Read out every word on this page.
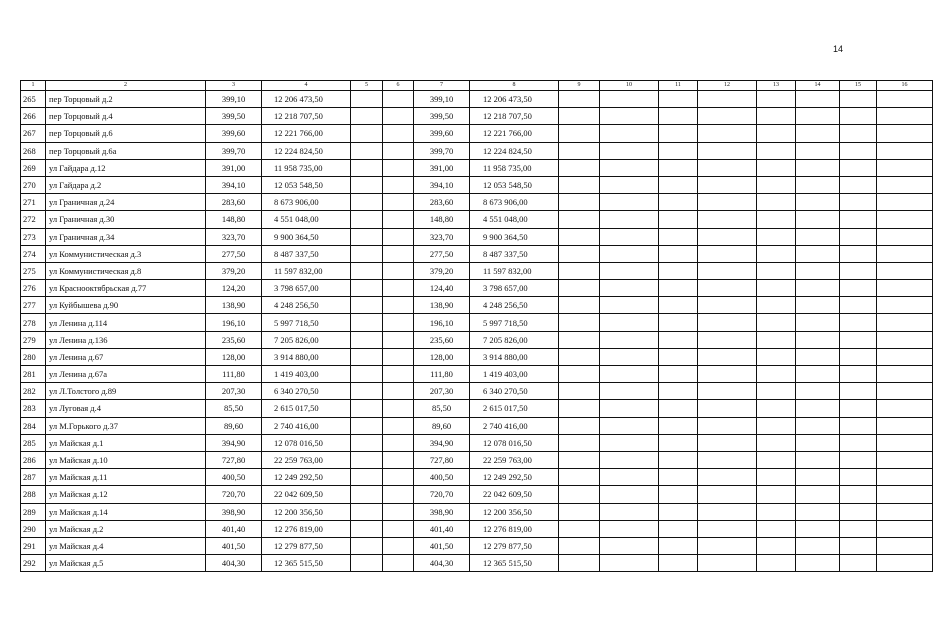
14
1	2	3	4	5	6	7	8	9	10	11	12	13	14	15	16
265	пер Торцовый д.2	399,10	12 206 473,50			399,10	12 206 473,50								
266	пер Торцовый д.4	399,50	12 218 707,50			399,50	12 218 707,50								
267	пер Торцовый д.6	399,60	12 221 766,00			399,60	12 221 766,00								
268	пер Торцовый д.6а	399,70	12 224 824,50			399,70	12 224 824,50								
269	ул Гайдара д.12	391,00	11 958 735,00			391,00	11 958 735,00								
270	ул Гайдара д.2	394,10	12 053 548,50			394,10	12 053 548,50								
271	ул Граничная д.24	283,60	8 673 906,00			283,60	8 673 906,00								
272	ул Граничная д.30	148,80	4 551 048,00			148,80	4 551 048,00								
273	ул Граничная д.34	323,70	9 900 364,50			323,70	9 900 364,50								
274	ул Коммунистическая д.3	277,50	8 487 337,50			277,50	8 487 337,50								
275	ул Коммунистическая д.8	379,20	11 597 832,00			379,20	11 597 832,00								
276	ул Краснооктябрьская д.77	124,20	3 798 657,00			124,40	3 798 657,00								
277	ул Куйбышева д.90	138,90	4 248 256,50			138,90	4 248 256,50								
278	ул Ленина д.114	196,10	5 997 718,50			196,10	5 997 718,50								
279	ул Ленина д.136	235,60	7 205 826,00			235,60	7 205 826,00								
280	ул Ленина д.67	128,00	3 914 880,00			128,00	3 914 880,00								
281	ул Ленина д.67а	111,80	1 419 403,00			111,80	1 419 403,00								
282	ул Л.Толстого д.89	207,30	6 340 270,50			207,30	6 340 270,50								
283	ул Луговая д.4	85,50	2 615 017,50			85,50	2 615 017,50								
284	ул М.Горького д.37	89,60	2 740 416,00			89,60	2 740 416,00								
285	ул Майская д.1	394,90	12 078 016,50			394,90	12 078 016,50								
286	ул Майская д.10	727,80	22 259 763,00			727,80	22 259 763,00								
287	ул Майская д.11	400,50	12 249 292,50			400,50	12 249 292,50								
288	ул Майская д.12	720,70	22 042 609,50			720,70	22 042 609,50								
289	ул Майская д.14	398,90	12 200 356,50			398,90	12 200 356,50								
290	ул Майская д.2	401,40	12 276 819,00			401,40	12 276 819,00								
291	ул Майская д.4	401,50	12 279 877,50			401,50	12 279 877,50								
292	ул Майская д.5	404,30	12 365 515,50			404,30	12 365 515,50								
